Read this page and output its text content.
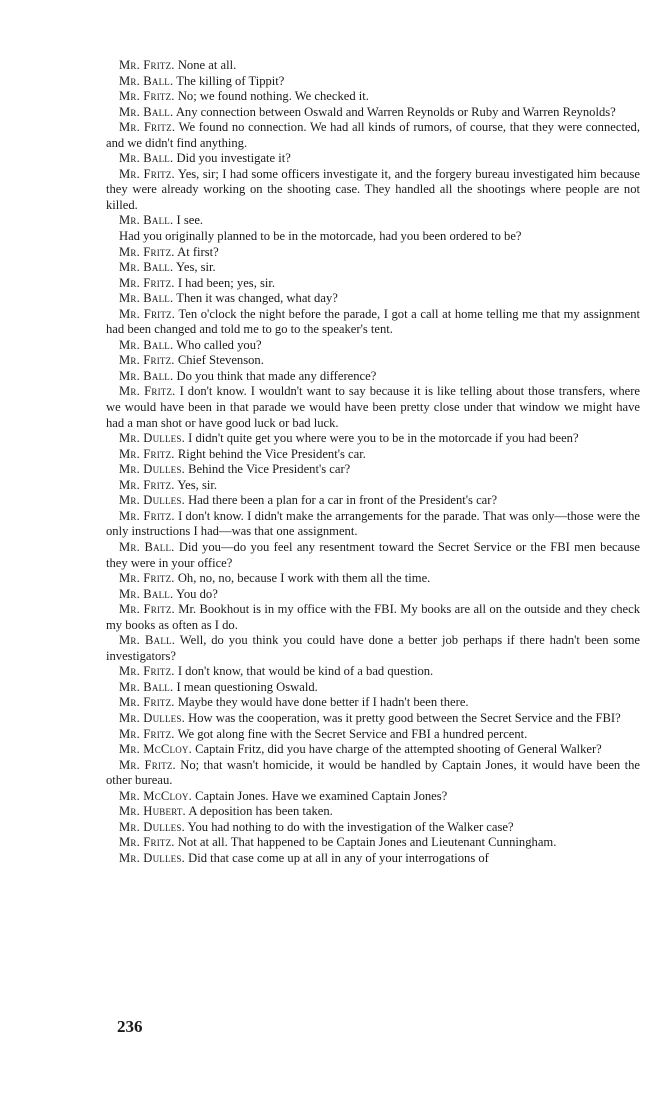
Mr. Fritz. None at all.

Mr. Ball. The killing of Tippit?

Mr. Fritz. No; we found nothing. We checked it.

Mr. Ball. Any connection between Oswald and Warren Reynolds or Ruby and Warren Reynolds?

Mr. Fritz. We found no connection. We had all kinds of rumors, of course, that they were connected, and we didn't find anything.

Mr. Ball. Did you investigate it?

Mr. Fritz. Yes, sir; I had some officers investigate it, and the forgery bureau investigated him because they were already working on the shooting case. They handled all the shootings where people are not killed.

Mr. Ball. I see.

Had you originally planned to be in the motorcade, had you been ordered to be?

Mr. Fritz. At first?

Mr. Ball. Yes, sir.

Mr. Fritz. I had been; yes, sir.

Mr. Ball. Then it was changed, what day?

Mr. Fritz. Ten o'clock the night before the parade, I got a call at home telling me that my assignment had been changed and told me to go to the speaker's tent.

Mr. Ball. Who called you?

Mr. Fritz. Chief Stevenson.

Mr. Ball. Do you think that made any difference?

Mr. Fritz. I don't know. I wouldn't want to say because it is like telling about those transfers, where we would have been in that parade we would have been pretty close under that window we might have had a man shot or have good luck or bad luck.

Mr. Dulles. I didn't quite get you where were you to be in the motorcade if you had been?

Mr. Fritz. Right behind the Vice President's car.

Mr. Dulles. Behind the Vice President's car?

Mr. Fritz. Yes, sir.

Mr. Dulles. Had there been a plan for a car in front of the President's car?

Mr. Fritz. I don't know. I didn't make the arrangements for the parade. That was only—those were the only instructions I had—was that one assignment.

Mr. Ball. Did you—do you feel any resentment toward the Secret Service or the FBI men because they were in your office?

Mr. Fritz. Oh, no, no, because I work with them all the time.

Mr. Ball. You do?

Mr. Fritz. Mr. Bookhout is in my office with the FBI. My books are all on the outside and they check my books as often as I do.

Mr. Ball. Well, do you think you could have done a better job perhaps if there hadn't been some investigators?

Mr. Fritz. I don't know, that would be kind of a bad question.

Mr. Ball. I mean questioning Oswald.

Mr. Fritz. Maybe they would have done better if I hadn't been there.

Mr. Dulles. How was the cooperation, was it pretty good between the Secret Service and the FBI?

Mr. Fritz. We got along fine with the Secret Service and FBI a hundred percent.

Mr. McCloy. Captain Fritz, did you have charge of the attempted shooting of General Walker?

Mr. Fritz. No; that wasn't homicide, it would be handled by Captain Jones, it would have been the other bureau.

Mr. McCloy. Captain Jones. Have we examined Captain Jones?

Mr. Hubert. A deposition has been taken.

Mr. Dulles. You had nothing to do with the investigation of the Walker case?

Mr. Fritz. Not at all. That happened to be Captain Jones and Lieutenant Cunningham.

Mr. Dulles. Did that case come up at all in any of your interrogations of

236
